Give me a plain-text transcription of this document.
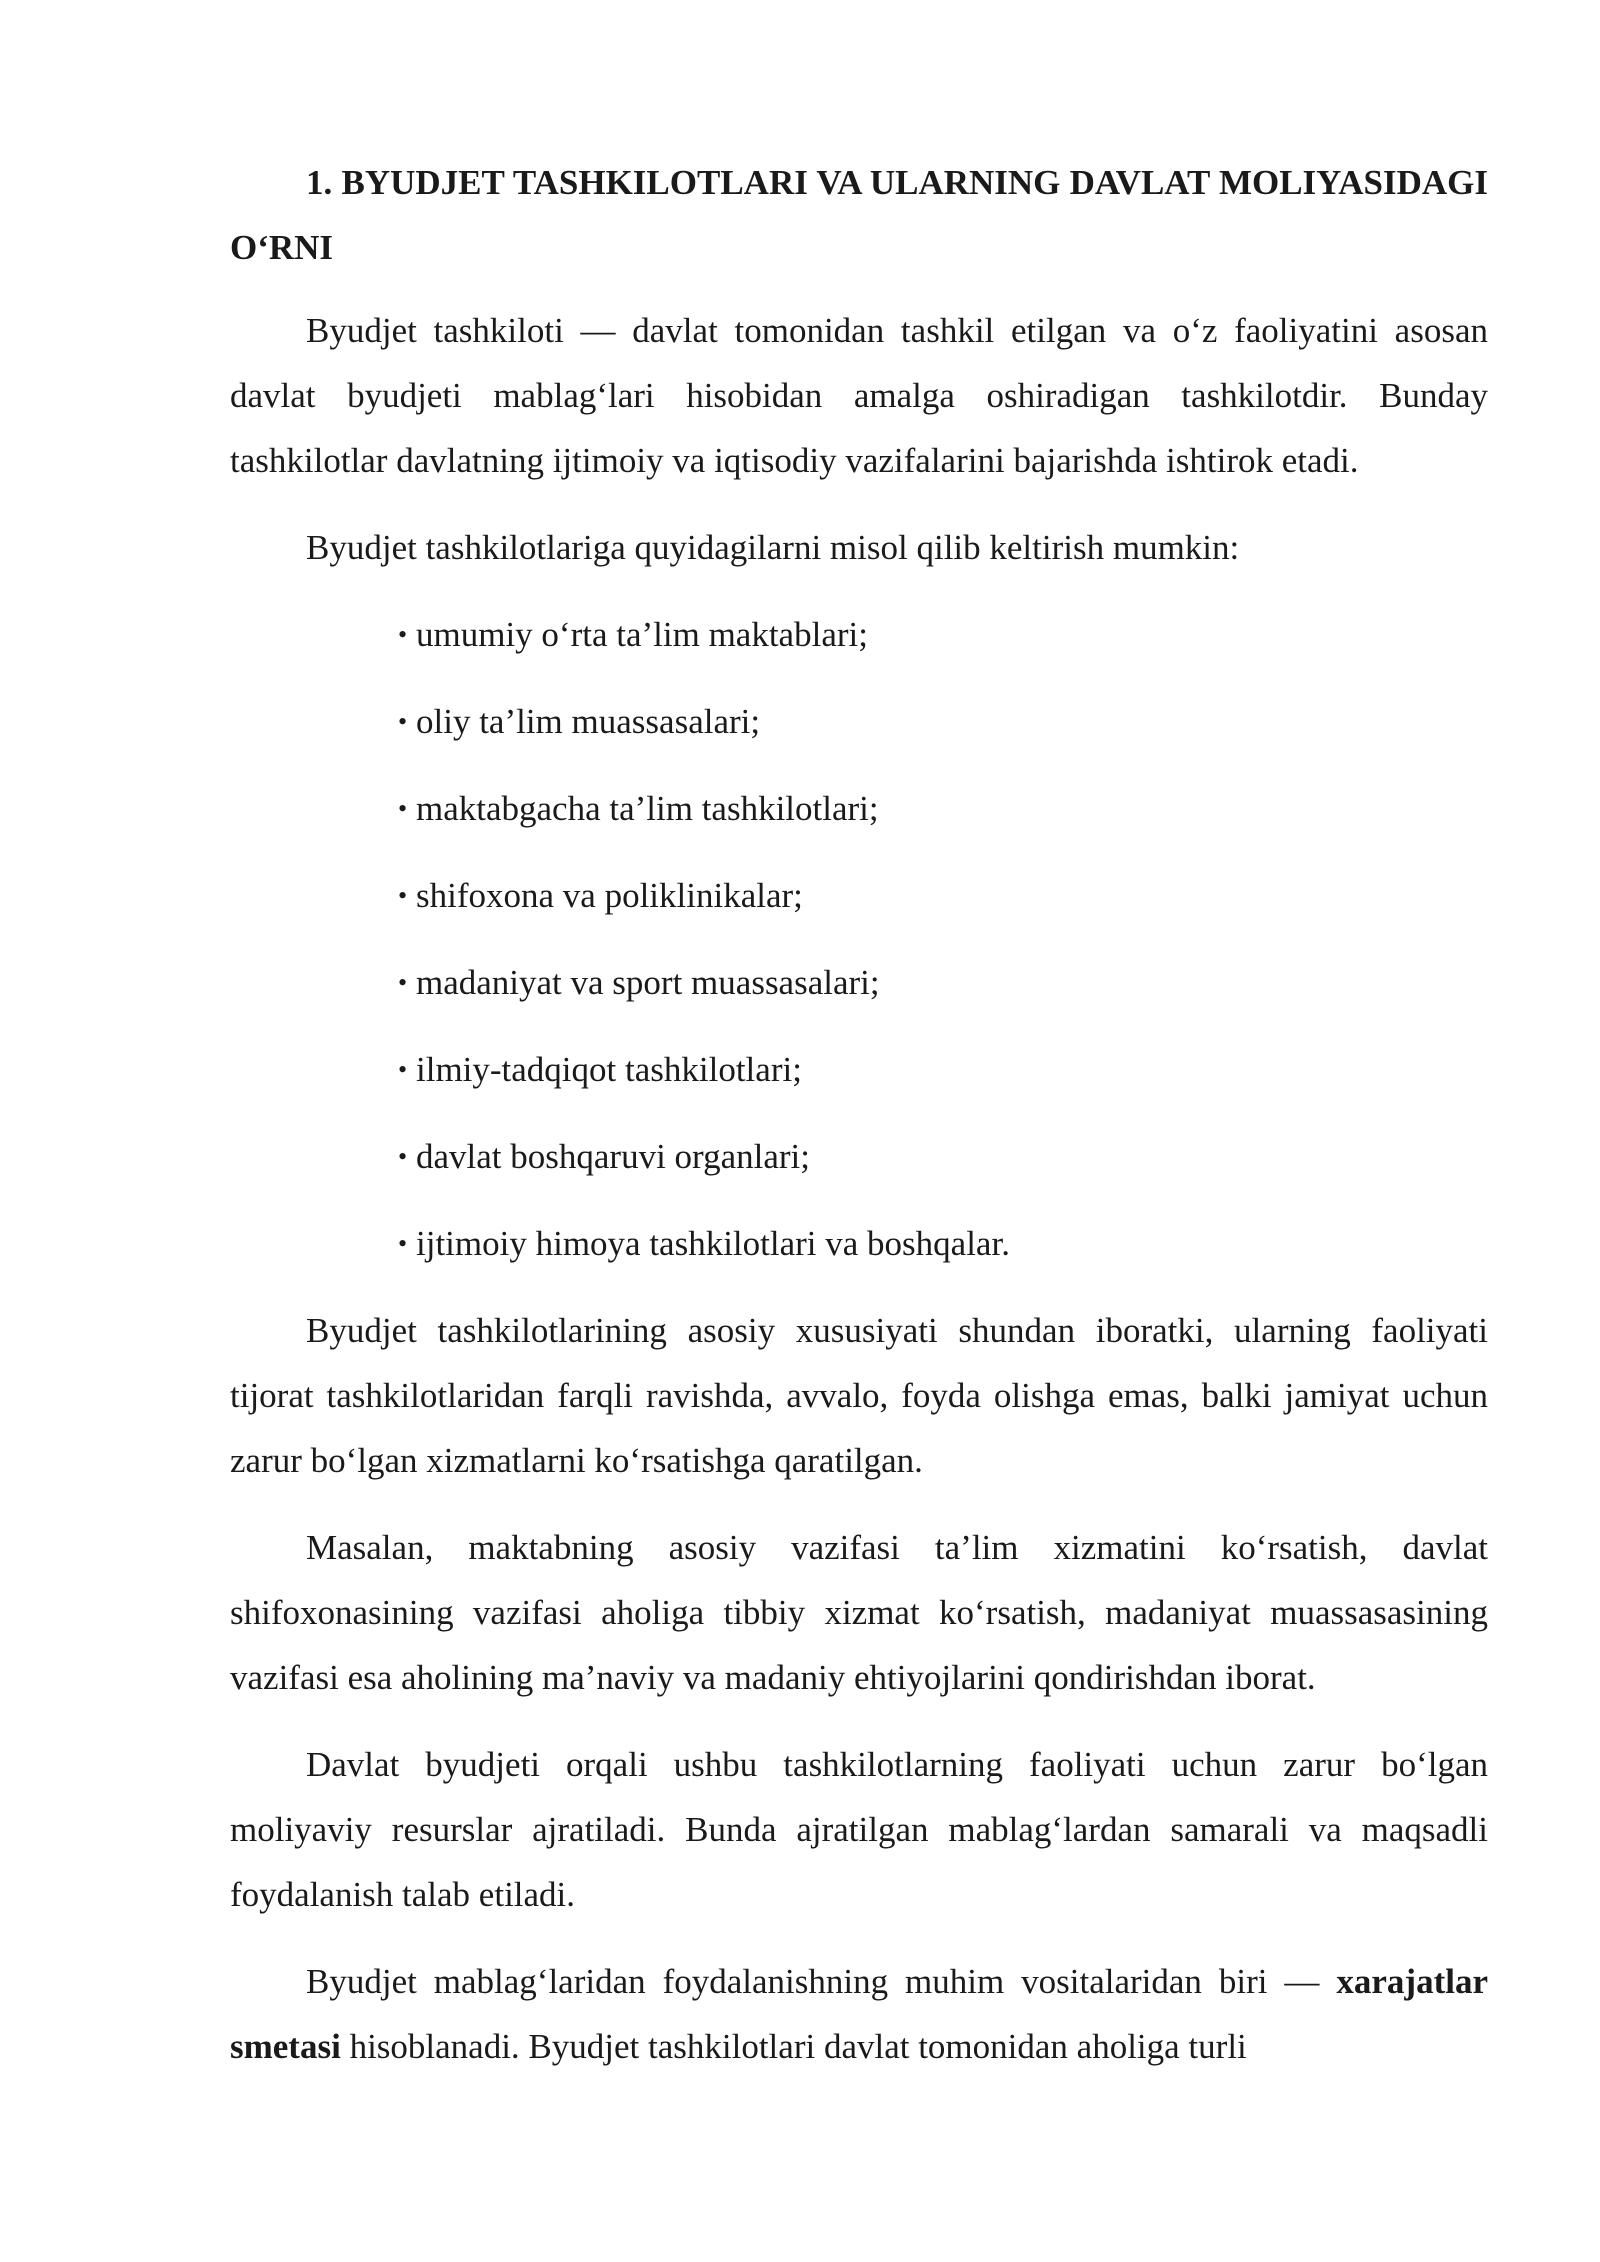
1. BYUDJET TASHKILOTLARI VA ULARNING DAVLAT MOLIYASIDAGI O‘RNI

Byudjet tashkiloti — davlat tomonidan tashkil etilgan va o‘z faoliyatini asosan davlat byudjeti mablag‘lari hisobidan amalga oshiradigan tashkilotdir. Bunday tashkilotlar davlatning ijtimoiy va iqtisodiy vazifalarini bajarishda ishtirok etadi.

Byudjet tashkilotlariga quyidagilarni misol qilib keltirish mumkin:

• umumiy o‘rta ta’lim maktablari;
• oliy ta’lim muassasalari;
• maktabgacha ta’lim tashkilotlari;
• shifoxona va poliklinikalar;
• madaniyat va sport muassasalari;
• ilmiy-tadqiqot tashkilotlari;
• davlat boshqaruvi organlari;
• ijtimoiy himoya tashkilotlari va boshqalar.

Byudjet tashkilotlarining asosiy xususiyati shundan iboratki, ularning faoliyati tijorat tashkilotlaridan farqli ravishda, avvalo, foyda olishga emas, balki jamiyat uchun zarur bo‘lgan xizmatlarni ko‘rsatishga qaratilgan.

Masalan, maktabning asosiy vazifasi ta’lim xizmatini ko‘rsatish, davlat shifoxonasining vazifasi aholiga tibbiy xizmat ko‘rsatish, madaniyat muassasasining vazifasi esa aholining ma’naviy va madaniy ehtiyojlarini qondirishdan iborat.

Davlat byudjeti orqali ushbu tashkilotlarning faoliyati uchun zarur bo‘lgan moliyaviy resurslar ajratiladi. Bunda ajratilgan mablag‘lardan samarali va maqsadli foydalanish talab etiladi.

Byudjet mablag‘laridan foydalanishning muhim vositalaridan biri — xarajatlar smetasi hisoblanadi. Byudjet tashkilotlari davlat tomonidan aholiga turli
